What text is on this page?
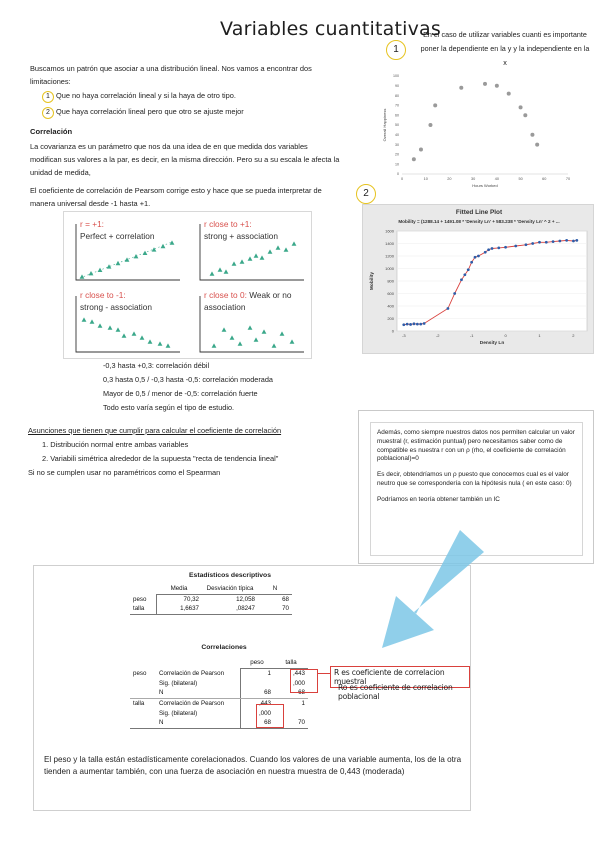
Variables cuantitativas
En el caso de utilizar variables cuanti es importante poner la dependiente en la y y la independiente en la x
1
0	10	20	30	40	50	60	70
0
10
20
30
40
50
60
70
80
90
100
Hours Worked
Overall Happiness
2
Fitted Line Plot
Mobility = (1288.14 + 1491.08 * 'Density Ln' + 583.238 * 'Density Ln' ^ 2 + ...
0
200
400
600
800
1000
1200
1400
1600
-3	-2	-1	0	1	2
Density Ln
Mobility
Buscamos un patrón que asociar a una distribución lineal. Nos vamos a encontrar dos limitaciones:
1 Que no haya correlación lineal y si la haya de otro tipo.
2 Que haya correlación lineal pero que otro se ajuste mejor
Correlación
La covarianza es un parámetro que nos da una idea de en que medida dos variables modifican sus valores a la par, es decir, en la misma dirección. Pero su a su escala le afecta la unidad de medida,
El coeficiente de correlación de Pearsom corrige esto y hace que se pueda interpretar de manera universal desde -1 hasta +1.
r = +1:
Perfect + correlation
r close to +1:
strong + association
r close to -1:
strong - association
r close to 0: Weak or no association
-0,3 hasta +0,3: correlación débil
0,3 hasta 0,5 / -0,3 hasta -0,5: correlación moderada
Mayor de 0,5 / menor de -0,5: correlación fuerte
Todo esto varía según el tipo de estudio.
Asunciones que tienen que cumplir para calcular el coeficiente de correlación
1. Distribución normal entre ambas variables
2. Variabili simétrica alrededor de la supuesta "recta de tendencia lineal"
Si no se cumplen usar no paramétricos como el Spearman

Además, como siempre nuestros datos nos permiten calcular un valor muestral (r, estimación puntual) pero necesitamos saber como de compatible es nuestra r con un ρ (rho, el coeficiente de correlación poblacional)=0

Es decir, obtendríamos un ρ puesto que conocemos cual es el valor neutro que se correspondería con la hipótesis nula ( en este caso: 0)

Podríamos en teoría obtener también un IC

Estadísticos descriptivos
	Media	Desviación típica	N
peso	70,32	12,058	68
talla	1,6637	,08247	70
Correlaciones
		peso	talla
peso	Correlación de Pearson	1	,443
	Sig. (bilateral)		,000
	N	68	68
talla	Correlación de Pearson	,443	1
	Sig. (bilateral)	,000	
	N	68	70
R es coeficiente de correlacion muestral
Ro es coeficiente de correlacion poblacional
El peso y la talla están estadísticamente corelacionados. Cuando los valores de una variable aumenta, los de la otra tienden a aumentar también, con una fuerza de asociación en nuestra muestra de 0,443 (moderada)
